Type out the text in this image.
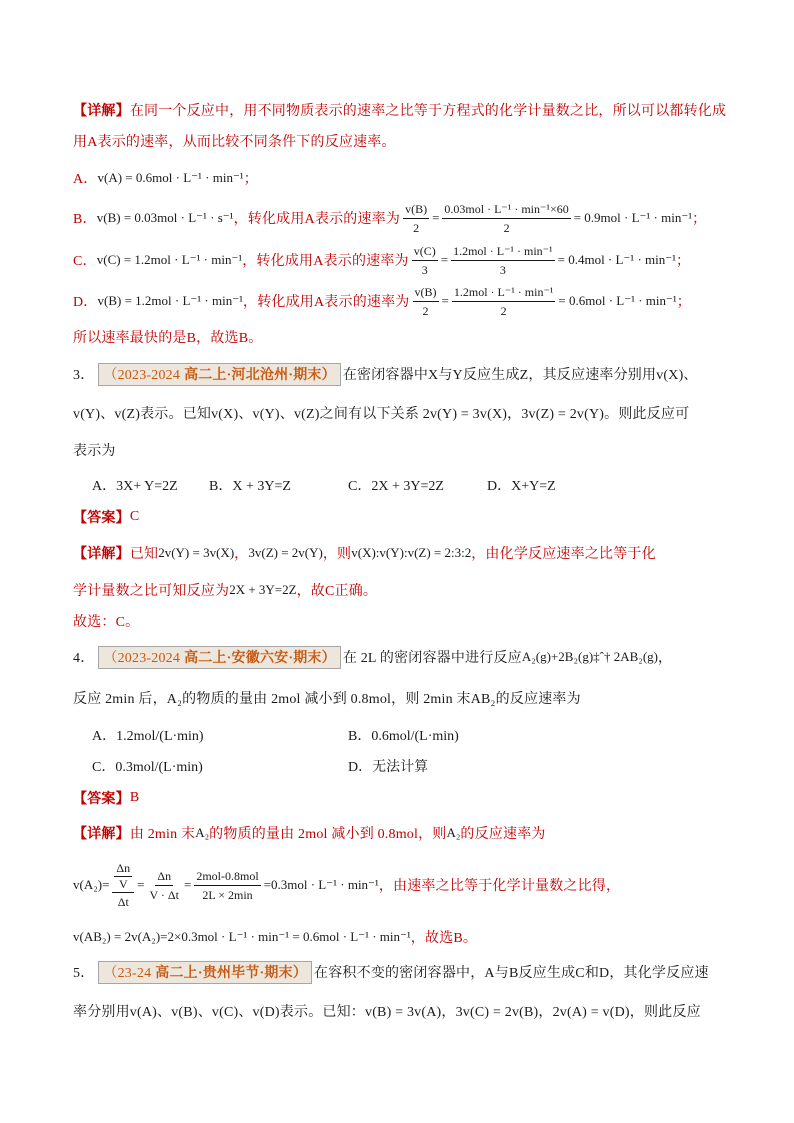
【详解】 在同一个反应中，用不同物质表示的速率之比等于方程式的化学计量数之比，所以可以都转化成
用A表示的速率，从而比较不同条件下的反应速率。
A． v(A) = 0.6mol · L⁻¹ · min⁻¹ ；
B． v(B) = 0.03mol · L⁻¹ · s⁻¹ ，转化成用A表示的速率为 $\frac{v(B)}{2} = \frac{\text{0.03mol · L⁻¹ · min⁻¹×60}}{2} = 0.9mol \cdot L^{-1} \cdot \min^{-1}$ ；
C． v(C) = 1.2mol · L⁻¹ · min⁻¹ ，转化成用A表示的速率为 $\frac{v(C)}{3} = \frac{\text{1.2mol · L⁻¹ · min⁻¹}}{3} = 0.4mol \cdot L^{-1} \cdot \min^{-1}$ ；
D． v(B) = 1.2mol · L⁻¹ · min⁻¹ ，转化成用A表示的速率为 $\frac{v(B)}{2} = \frac{\text{1.2mol · L⁻¹ · min⁻¹}}{2} = 0.6mol \cdot L^{-1} \cdot \min^{-1}$ ；
所以速率最快的是B，故选B。
3． （2023-2024 高二上·河北沧州·期末） 在密闭容器中X与Y反应生成Z，其反应速率分别用v(X)、
v(Y)、v(Z)表示。已知v(X)、v(Y)、v(Z)之间有以下关系 2v(Y) = 3v(X)，3v(Z) = 2v(Y)。则此反应可
表示为
A．3X+ Y=2Z B．X + 3Y=Z	C．2X + 3Y=2Z	D．X+Y=Z
【答案】 C
【详解】 已知 2v(Y) = 3v(X) ， 3v(Z) = 2v(Y) ，则 v(X):v(Y):v(Z) = 2:3:2 ，由化学反应速率之比等于化
学计量数之比可知反应为 2X + 3Y=2Z ，故C正确。
故选：C。
4． （2023-2024 高二上·安徽六安·期末） 在 2L 的密闭容器中进行反应 A₂(g)+2B₂(g)‡ˆ† 2AB₂(g) ，
反应 2min 后，A₂的物质的量由 2mol 减小到 0.8mol，则 2min 末AB₂的反应速率为
A．1.2mol/(L·min)	B．0.6mol/(L·min)
C．0.3mol/(L·min)	D．无法计算
【答案】 B
【详解】 由 2min 末 A₂ 的物质的量由 2mol 减小到 0.8mol，则 A₂ 的反应速率为
$v(A_2)= \frac{\frac{\Delta n}{V}}{\Delta t} = \frac{\Delta n}{V \cdot \Delta t} = \frac{\text{2mol-0.8mol}}{2L \times 2\min} =0.3mol \cdot L^{-1} \cdot \min^{-1}$ ，由速率之比等于化学计量数之比得，
v(AB₂) = 2v(A₂)=2×0.3mol · L⁻¹ · min⁻¹ = 0.6mol · L⁻¹ · min⁻¹ ，故选B。
5． （23-24 高二上·贵州毕节·期末） 在容积不变的密闭容器中，A与B反应生成C和D，其化学反应速
率分别用v(A)、v(B)、v(C)、v(D)表示。已知：v(B) = 3v(A)，3v(C) = 2v(B)，2v(A) = v(D)，则此反应
